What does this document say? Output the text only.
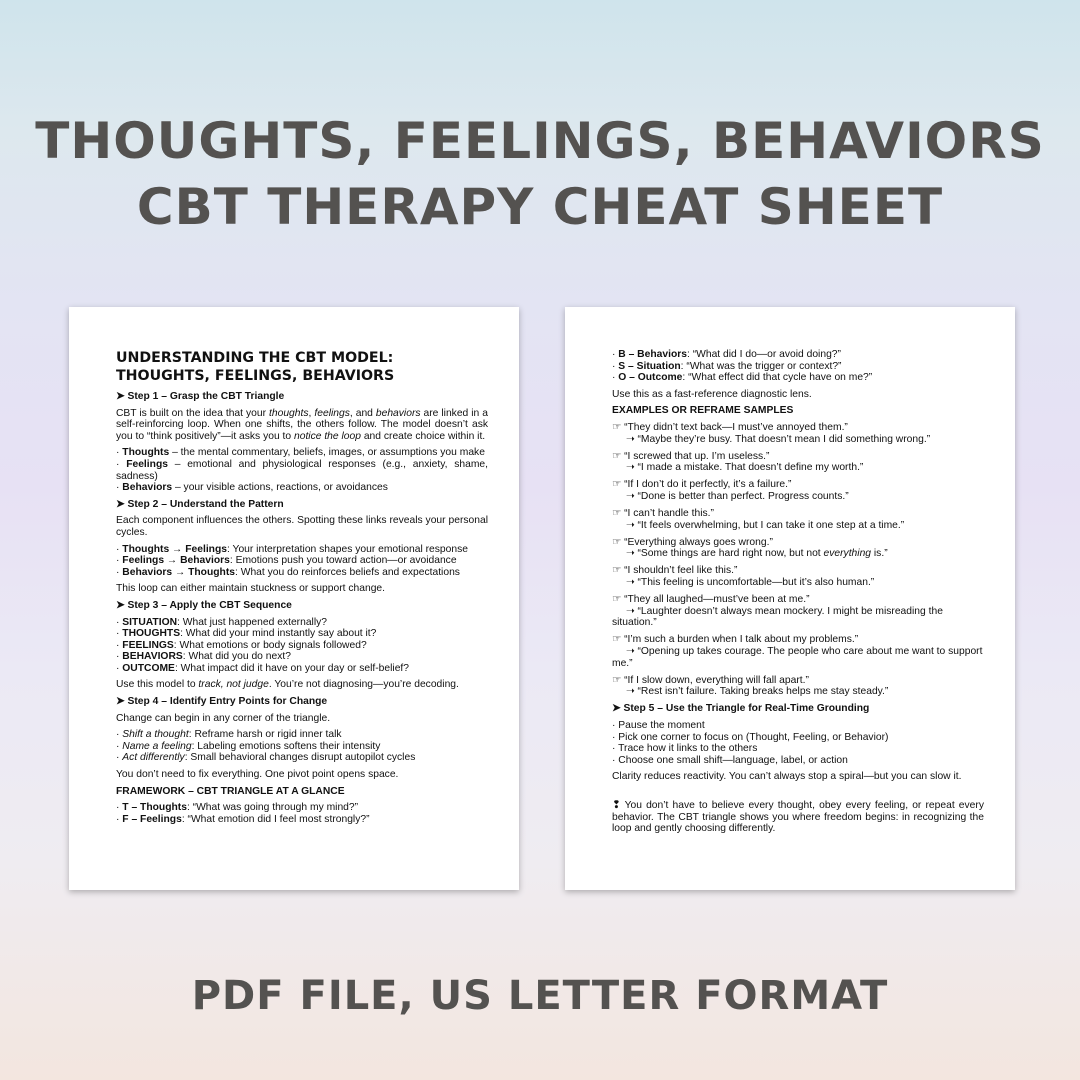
THOUGHTS, FEELINGS, BEHAVIORS
CBT THERAPY CHEAT SHEET
UNDERSTANDING THE CBT MODEL: THOUGHTS, FEELINGS, BEHAVIORS
➤ Step 1 – Grasp the CBT Triangle

CBT is built on the idea that your thoughts, feelings, and behaviors are linked in a self-reinforcing loop. When one shifts, the others follow. The model doesn’t ask you to “think positively”—it asks you to notice the loop and create choice within it.

· Thoughts – the mental commentary, beliefs, images, or assumptions you make

· Feelings – emotional and physiological responses (e.g., anxiety, shame, sadness)

· Behaviors – your visible actions, reactions, or avoidances

➤ Step 2 – Understand the Pattern

Each component influences the others. Spotting these links reveals your personal cycles.

· Thoughts → Feelings: Your interpretation shapes your emotional response

· Feelings → Behaviors: Emotions push you toward action—or avoidance

· Behaviors → Thoughts: What you do reinforces beliefs and expectations

This loop can either maintain stuckness or support change.

➤ Step 3 – Apply the CBT Sequence

· SITUATION: What just happened externally?

· THOUGHTS: What did your mind instantly say about it?

· FEELINGS: What emotions or body signals followed?

· BEHAVIORS: What did you do next?

· OUTCOME: What impact did it have on your day or self-belief?

Use this model to track, not judge. You’re not diagnosing—you’re decoding.

➤ Step 4 – Identify Entry Points for Change

Change can begin in any corner of the triangle.

· Shift a thought: Reframe harsh or rigid inner talk

· Name a feeling: Labeling emotions softens their intensity

· Act differently: Small behavioral changes disrupt autopilot cycles

You don’t need to fix everything. One pivot point opens space.

FRAMEWORK – CBT TRIANGLE AT A GLANCE

· T – Thoughts: “What was going through my mind?”

· F – Feelings: “What emotion did I feel most strongly?”

· B – Behaviors: “What did I do—or avoid doing?”

· S – Situation: “What was the trigger or context?”

· O – Outcome: “What effect did that cycle have on me?”

Use this as a fast-reference diagnostic lens.

EXAMPLES OR REFRAME SAMPLES

☞ “They didn’t text back—I must’ve annoyed them.”

➝ “Maybe they’re busy. That doesn’t mean I did something wrong.”

☞ “I screwed that up. I’m useless.”

➝ “I made a mistake. That doesn’t define my worth.”

☞ “If I don’t do it perfectly, it’s a failure.”

➝ “Done is better than perfect. Progress counts.”

☞ “I can’t handle this.”

➝ “It feels overwhelming, but I can take it one step at a time.”

☞ “Everything always goes wrong.”

➝ “Some things are hard right now, but not everything is.”

☞ “I shouldn’t feel like this.”

➝ “This feeling is uncomfortable—but it’s also human.”

☞ “They all laughed—must’ve been at me.”

➝ “Laughter doesn’t always mean mockery. I might be misreading the situation.”

☞ “I’m such a burden when I talk about my problems.”

➝ “Opening up takes courage. The people who care about me want to support me.”

☞ “If I slow down, everything will fall apart.”

➝ “Rest isn’t failure. Taking breaks helps me stay steady.”

➤ Step 5 – Use the Triangle for Real-Time Grounding

· Pause the moment

· Pick one corner to focus on (Thought, Feeling, or Behavior)

· Trace how it links to the others

· Choose one small shift—language, label, or action

Clarity reduces reactivity. You can’t always stop a spiral—but you can slow it.

❢ You don’t have to believe every thought, obey every feeling, or repeat every behavior. The CBT triangle shows you where freedom begins: in recognizing the loop and gently choosing differently.

PDF FILE, US LETTER FORMAT
